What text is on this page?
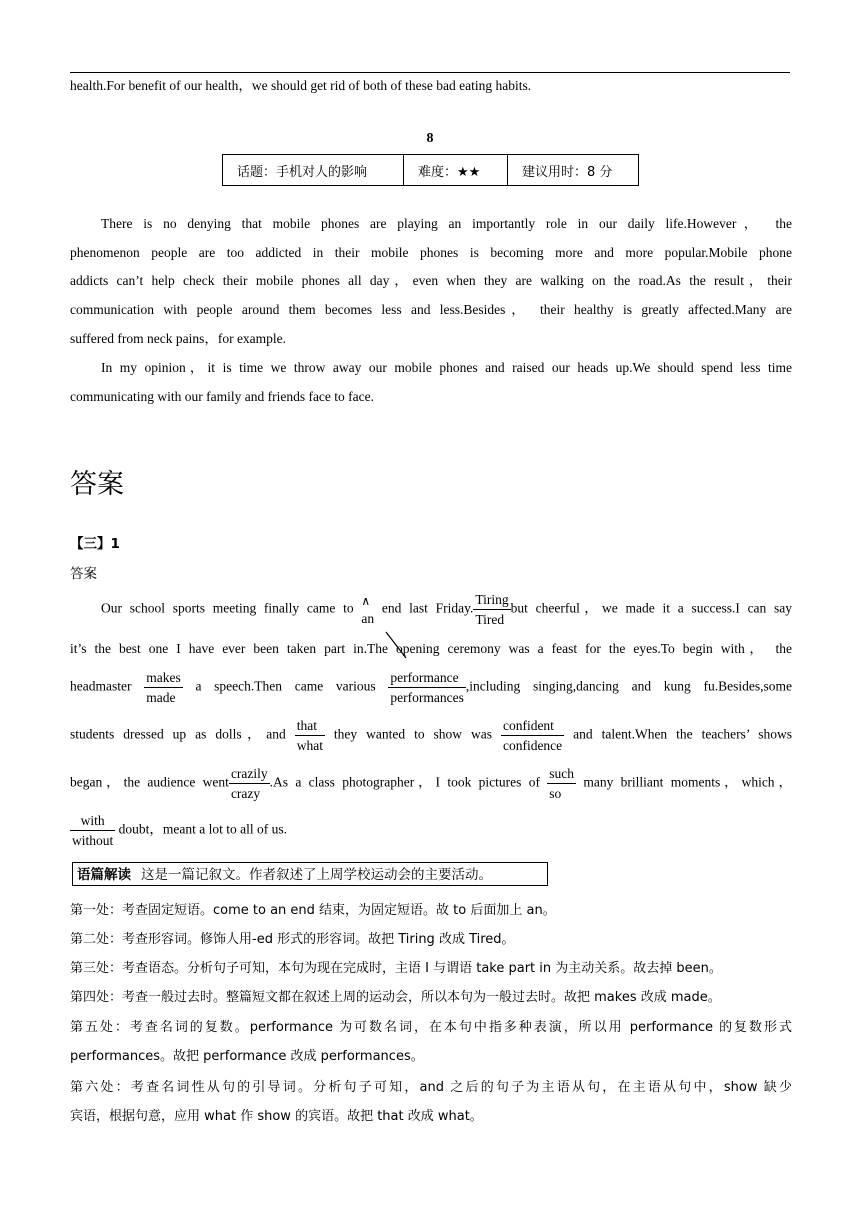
health.For benefit of our health，we should get rid of both of these bad eating habits.
8
话题：手机对人的影响	难度：★★	建议用时：8 分
There is no denying that mobile phones are playing an importantly role in our daily life.However， the
phenomenon people are too addicted in their mobile phones is becoming more and more popular.Mobile phone
addicts can’t help check their mobile phones all day，even when they are walking on the road.As the result，their
communication with people around them becomes less and less.Besides， their healthy is greatly affected.Many are
suffered from neck pains，for example.
In my opinion，it is time we throw away our mobile phones and raised our heads up.We should spend less time
communicating with our family and friends face to face.
答案
【三】1
答案
Our school sports meeting finally came to
∧
an
end last Friday.
Tiring
Tired
but cheerful，we made it a success.I can say
it’s the best one I have ever been taken part in.The opening ceremony was a feast for the eyes.To begin with， the
headmaster
makes
made
a speech.Then came various
performance
performances
,including singing,dancing and kung fu.Besides,some
students dressed up as dolls，and
that
what
they wanted to show was
confident
confidence
and talent.When the teachers’ shows
began，the audience went
crazily
crazy
.As a class photographer，I took pictures of
such
so
many brilliant moments，which，
with
without
doubt，meant a lot to all of us.
语篇解读 这是一篇记叙文。作者叙述了上周学校运动会的主要活动。
第一处：考查固定短语。come to an end 结束，为固定短语。故 to 后面加上 an。
第二处：考查形容词。修饰人用-ed 形式的形容词。故把 Tiring 改成 Tired。
第三处：考查语态。分析句子可知，本句为现在完成时，主语 I 与谓语 take part in 为主动关系。故去掉 been。
第四处：考查一般过去时。整篇短文都在叙述上周的运动会，所以本句为一般过去时。故把 makes 改成 made。
第五处：考查名词的复数。performance 为可数名词，在本句中指多种表演，所以用 performance 的复数形式
performances。故把 performance 改成 performances。
第六处：考查名词性从句的引导词。分析句子可知，and 之后的句子为主语从句，在主语从句中，show 缺少
宾语，根据句意，应用 what 作 show 的宾语。故把 that 改成 what。
